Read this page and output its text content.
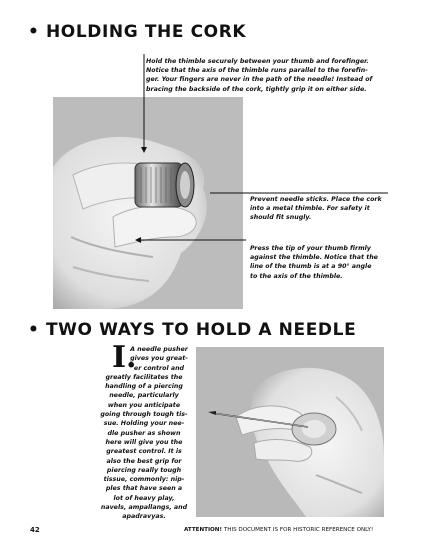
• HOLDING THE CORK

Hold the thimble securely between your thumb and forefinger.
Notice that the axis of the thimble runs parallel to the forefin-
ger. Your fingers are never in the path of the needle! Instead of
bracing the backside of the cork, tightly grip it on either side.

Prevent needle sticks. Place the cork
into a metal thimble. For safety it
should fit snugly.

Press the tip of your thumb firmly
against the thimble. Notice that the
line of the thumb is at a 90° angle
to the axis of the thimble.

• TWO WAYS TO HOLD A NEEDLE
I.
A needle pusher
gives you great-
er control and
greatly facilitates the
handling of a piercing
needle, particularly
when you anticipate
going through tough tis-
sue. Holding your nee-
dle pusher as shown
here will give you the
greatest control. It is
also the best grip for
piercing really tough
tissue, commonly: nip-
ples that have seen a
lot of heavy play,
navels, ampallangs, and
apadravyas.

42	ATTENTION! THIS DOCUMENT IS FOR HISTORIC REFERENCE ONLY!
